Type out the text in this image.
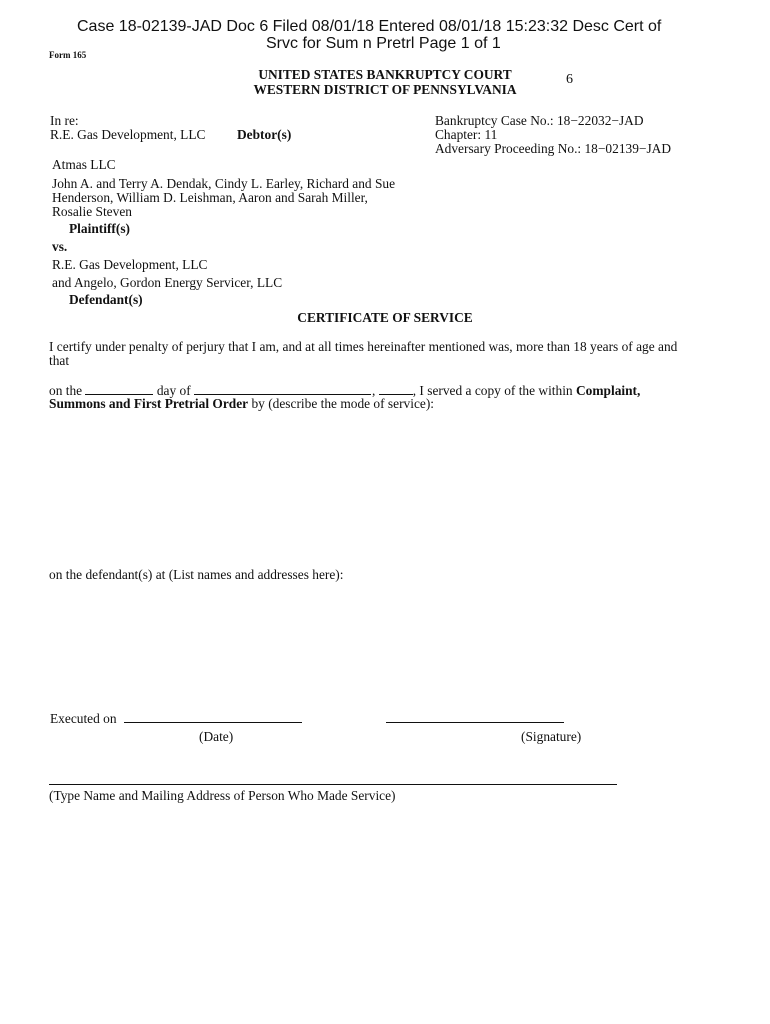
Case 18-02139-JAD Doc 6 Filed 08/01/18 Entered 08/01/18 15:23:32 Desc Cert of
Srvc for Sum n Pretrl Page 1 of 1
Form 165
UNITED STATES BANKRUPTCY COURT
WESTERN DISTRICT OF PENNSYLVANIA
6
In re:
R.E. Gas Development, LLC Debtor(s)
Bankruptcy Case No.: 18−22032−JAD
Chapter: 11
Adversary Proceeding No.: 18−02139−JAD
Atmas LLC
John A. and Terry A. Dendak, Cindy L. Earley, Richard and Sue
Henderson, William D. Leishman, Aaron and Sarah Miller,
Rosalie Steven
Plaintiff(s)
vs.
R.E. Gas Development, LLC
and Angelo, Gordon Energy Servicer, LLC
Defendant(s)
CERTIFICATE OF SERVICE
I certify under penalty of perjury that I am, and at all times hereinafter mentioned was, more than 18 years of age and
that
on the	day of	,	, I served a copy of the within Complaint,
Summons and First Pretrial Order by (describe the mode of service):
on the defendant(s) at (List names and addresses here):
Executed on
(Date)	(Signature)
(Type Name and Mailing Address of Person Who Made Service)
